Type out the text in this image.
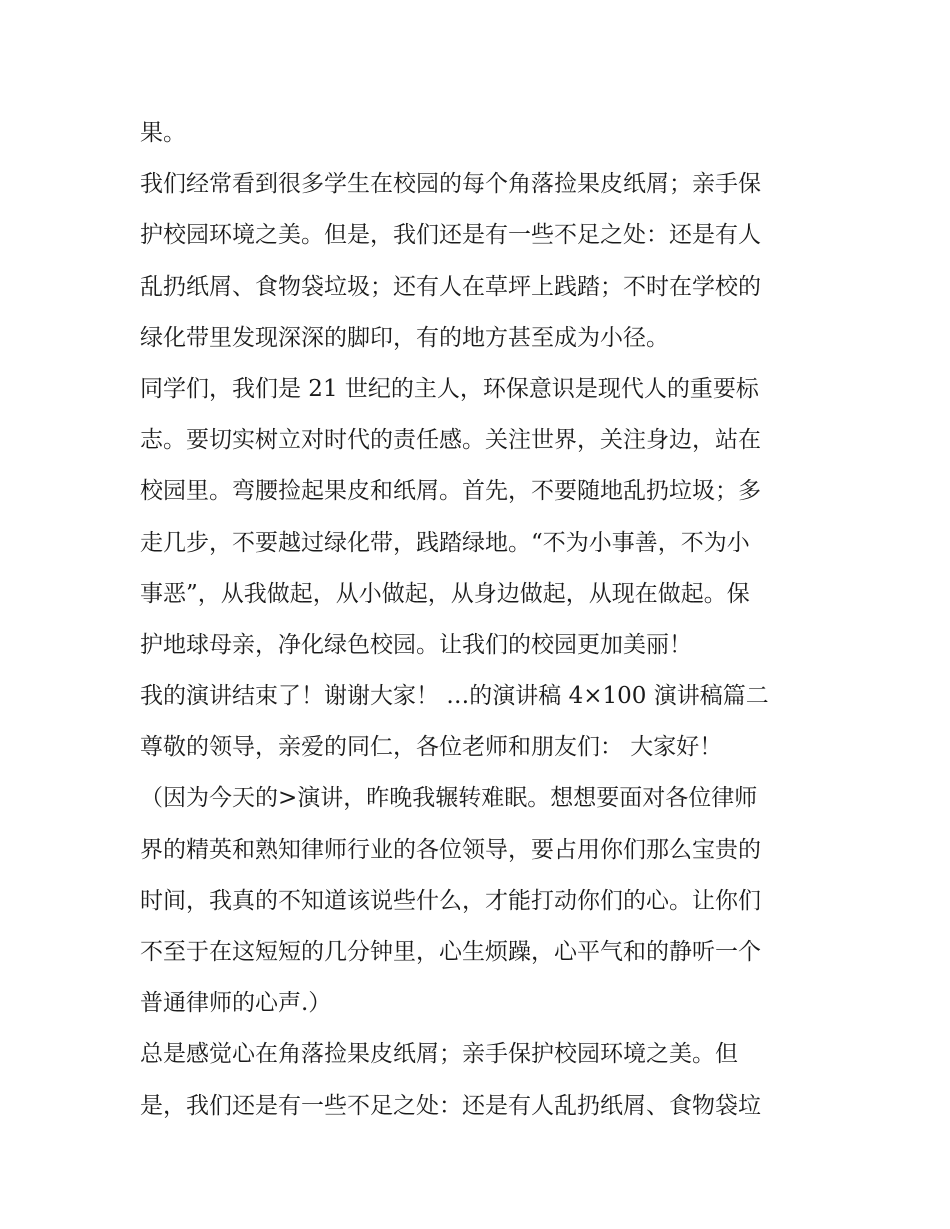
果。
我们经常看到很多学生在校园的每个角落捡果皮纸屑；亲手保
护校园环境之美。但是，我们还是有一些不足之处：还是有人
乱扔纸屑、食物袋垃圾；还有人在草坪上践踏；不时在学校的
绿化带里发现深深的脚印，有的地方甚至成为小径。
同学们，我们是 21 世纪的主人，环保意识是现代人的重要标
志。要切实树立对时代的责任感。关注世界，关注身边，站在
校园里。弯腰捡起果皮和纸屑。首先，不要随地乱扔垃圾；多
走几步，不要越过绿化带，践踏绿地。“不为小事善，不为小
事恶”，从我做起，从小做起，从身边做起，从现在做起。保
护地球母亲，净化绿色校园。让我们的校园更加美丽！
我的演讲结束了！谢谢大家！ …的演讲稿 4×100 演讲稿篇二
尊敬的领导，亲爱的同仁，各位老师和朋友们： 大家好！
（因为今天的>演讲，昨晚我辗转难眠。想想要面对各位律师
界的精英和熟知律师行业的各位领导，要占用你们那么宝贵的
时间，我真的不知道该说些什么，才能打动你们的心。让你们
不至于在这短短的几分钟里，心生烦躁，心平气和的静听一个
普通律师的心声.）
总是感觉心在角落捡果皮纸屑；亲手保护校园环境之美。但
是，我们还是有一些不足之处：还是有人乱扔纸屑、食物袋垃
